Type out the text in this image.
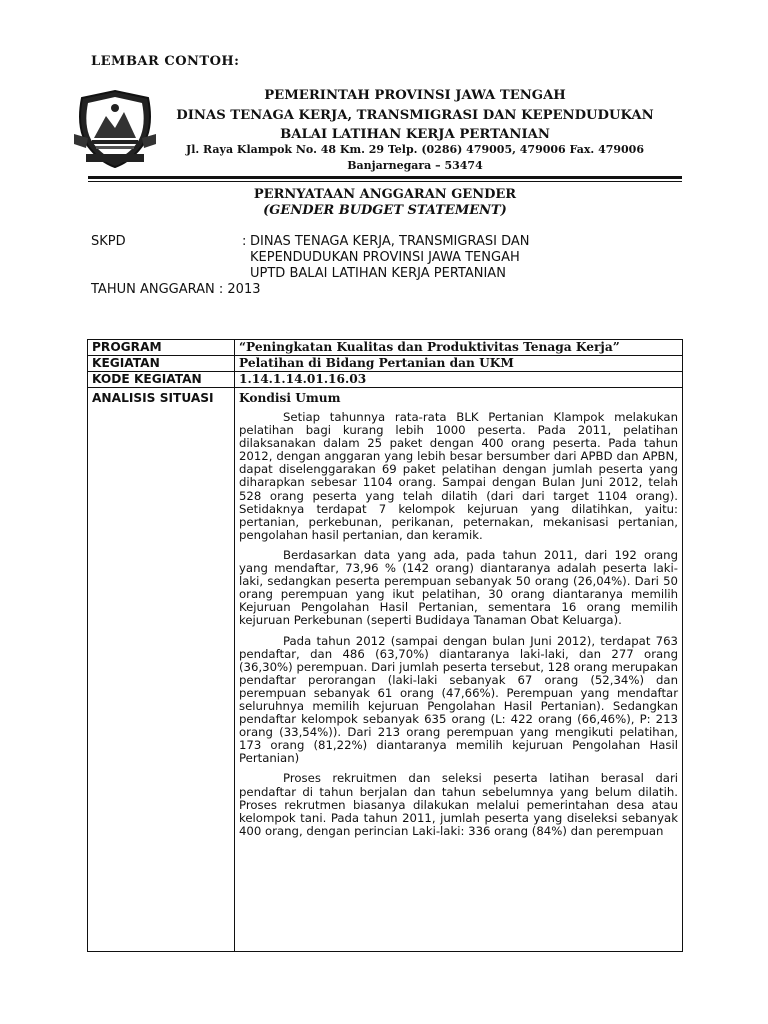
LEMBAR CONTOH:
PEMERINTAH PROVINSI JAWA TENGAH
DINAS TENAGA KERJA, TRANSMIGRASI DAN KEPENDUDUKAN
BALAI LATIHAN KERJA PERTANIAN
Jl. Raya Klampok No. 48 Km. 29 Telp. (0286) 479005, 479006 Fax. 479006
Banjarnegara – 53474
PERNYATAAN ANGGARAN GENDER
(GENDER BUDGET STATEMENT)
SKPD	: DINAS TENAGA KERJA, TRANSMIGRASI DAN
KEPENDUDUKAN PROVINSI JAWA TENGAH
UPTD BALAI LATIHAN KERJA PERTANIAN
TAHUN ANGGARAN : 2013
PROGRAM	“Peningkatan Kualitas dan Produktivitas Tenaga Kerja”
KEGIATAN	Pelatihan di Bidang Pertanian dan UKM
KODE KEGIATAN	1.14.1.14.01.16.03
ANALISIS SITUASI	Kondisi Umum

Setiap tahunnya rata-rata BLK Pertanian Klampok melakukan pelatihan bagi kurang lebih 1000 peserta. Pada 2011, pelatihan dilaksanakan dalam 25 paket dengan 400 orang peserta. Pada tahun 2012, dengan anggaran yang lebih besar bersumber dari APBD dan APBN, dapat diselenggarakan 69 paket pelatihan dengan jumlah peserta yang diharapkan sebesar 1104 orang. Sampai dengan Bulan Juni 2012, telah 528 orang peserta yang telah dilatih (dari dari target 1104 orang). Setidaknya terdapat 7 kelompok kejuruan yang dilatihkan, yaitu: pertanian, perkebunan, perikanan, peternakan, mekanisasi pertanian, pengolahan hasil pertanian, dan keramik.

Berdasarkan data yang ada, pada tahun 2011, dari 192 orang yang mendaftar, 73,96 % (142 orang) diantaranya adalah peserta laki-laki, sedangkan peserta perempuan sebanyak 50 orang (26,04%). Dari 50 orang perempuan yang ikut pelatihan, 30 orang diantaranya memilih Kejuruan Pengolahan Hasil Pertanian, sementara 16 orang memilih kejuruan Perkebunan (seperti Budidaya Tanaman Obat Keluarga).

Pada tahun 2012 (sampai dengan bulan Juni 2012), terdapat 763 pendaftar, dan 486 (63,70%) diantaranya laki-laki, dan 277 orang (36,30%) perempuan. Dari jumlah peserta tersebut, 128 orang merupakan pendaftar perorangan (laki-laki sebanyak 67 orang (52,34%) dan perempuan sebanyak 61 orang (47,66%). Perempuan yang mendaftar seluruhnya memilih kejuruan Pengolahan Hasil Pertanian). Sedangkan pendaftar kelompok sebanyak 635 orang (L: 422 orang (66,46%), P: 213 orang (33,54%)). Dari 213 orang perempuan yang mengikuti pelatihan, 173 orang (81,22%) diantaranya memilih kejuruan Pengolahan Hasil Pertanian)

Proses rekruitmen dan seleksi peserta latihan berasal dari pendaftar di tahun berjalan dan tahun sebelumnya yang belum dilatih. Proses rekrutmen biasanya dilakukan melalui pemerintahan desa atau kelompok tani. Pada tahun 2011, jumlah peserta yang diseleksi sebanyak 400 orang, dengan perincian Laki-laki: 336 orang (84%) dan perempuan
